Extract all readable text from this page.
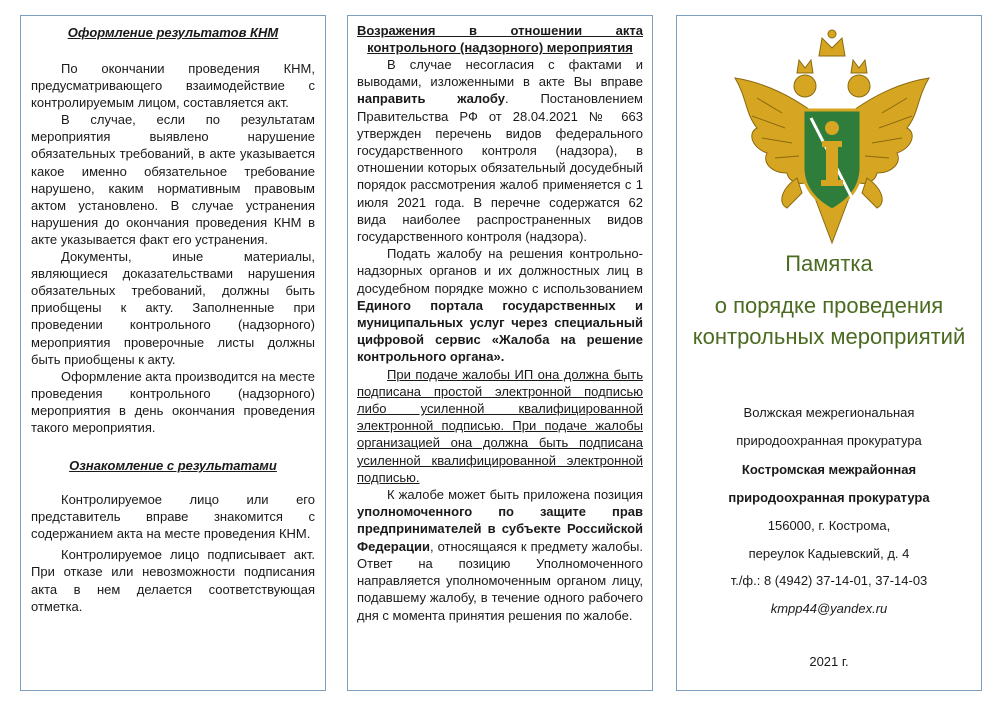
Оформление результатов КНМ

По окончании проведения КНМ, предусматривающего взаимодействие с контролируемым лицом, составляется акт.

В случае, если по результатам мероприятия выявлено нарушение обязательных требований, в акте указывается какое именно обязательное требование нарушено, каким нормативным правовым актом установлено. В случае устранения нарушения до окончания проведения КНМ в акте указывается факт его устранения.

Документы, иные материалы, являющиеся доказательствами нарушения обязательных требований, должны быть приобщены к акту. Заполненные при проведении контрольного (надзорного) мероприятия проверочные листы должны быть приобщены к акту.

Оформление акта производится на месте проведения контрольного (надзорного) мероприятия в день окончания проведения такого мероприятия.

Ознакомление с результатами

Контролируемое лицо или его представитель вправе знакомится с содержанием акта на месте проведения КНМ.

Контролируемое лицо подписывает акт. При отказе или невозможности подписания акта в нем делается соответствующая отметка.

Возражения в отношении акта
контрольного (надзорного) мероприятия

В случае несогласия с фактами и выводами, изложенными в акте Вы вправе направить жалобу. Постановлением Правительства РФ от 28.04.2021 № 663 утвержден перечень видов федерального государственного контроля (надзора), в отношении которых обязательный досудебный порядок рассмотрения жалоб применяется с 1 июля 2021 года. В перечне содержатся 62 вида наиболее распространенных видов государственного контроля (надзора).

Подать жалобу на решения контрольно-надзорных органов и их должностных лиц в досудебном порядке можно с использованием Единого портала государственных и муниципальных услуг через специальный цифровой сервис «Жалоба на решение контрольного органа».

При подаче жалобы ИП она должна быть подписана простой электронной подписью либо усиленной квалифицированной электронной подписью. При подаче жалобы организацией она должна быть подписана усиленной квалифицированной электронной подписью.

К жалобе может быть приложена позиция уполномоченного по защите прав предпринимателей в субъекте Российской Федерации, относящаяся к предмету жалобы. Ответ на позицию Уполномоченного направляется уполномоченным органом лицу, подавшему жалобу, в течение одного рабочего дня с момента принятия решения по жалобе.

Памятка
о порядке проведения контрольных мероприятий

Волжская межрегиональная

природоохранная прокуратура

Костромская межрайонная

природоохранная прокуратура

156000, г. Кострома,

переулок Кадыевский, д. 4

т./ф.: 8 (4942) 37-14-01, 37-14-03

kmpp44@yandex.ru

2021 г.
